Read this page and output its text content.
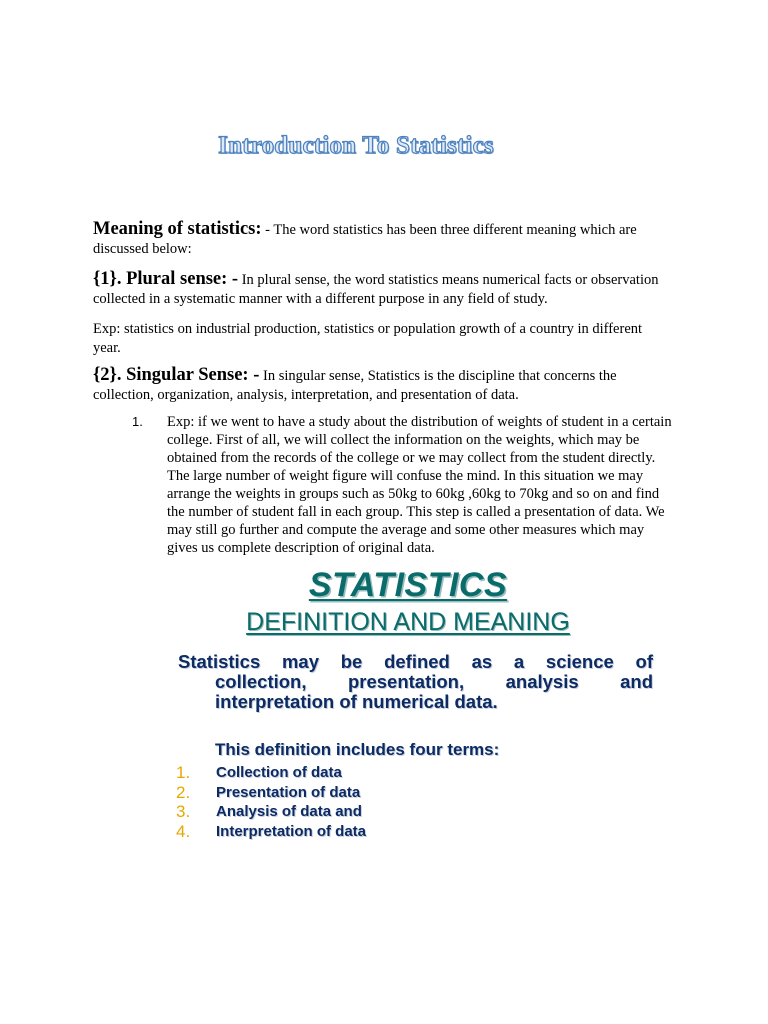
Introduction To Statistics

Meaning of statistics: - The word statistics has been three different meaning which are discussed below:

{1}. Plural sense: - In plural sense, the word statistics means numerical facts or observation collected in a systematic manner with a different purpose in any field of study.

Exp: statistics on industrial production, statistics or population growth of a country in different year.

{2}. Singular Sense: - In singular sense, Statistics is the discipline that concerns the collection, organization, analysis, interpretation, and presentation of data.

1. Exp: if we went to have a study about the distribution of weights of student in a certain college. First of all, we will collect the information on the weights, which may be obtained from the records of the college or we may collect from the student directly. The large number of weight figure will confuse the mind. In this situation we may arrange the weights in groups such as 50kg to 60kg ,60kg to 70kg and so on and find the number of student fall in each group. This step is called a presentation of data. We may still go further and compute the average and some other measures which may gives us complete description of original data.
STATISTICS
DEFINITION AND MEANING
Statistics may be defined as a science of
collection, presentation, analysis and
interpretation of numerical data.
This definition includes four terms:
1.	Collection of data
2.	Presentation of data
3.	Analysis of data and
4.	Interpretation of data
